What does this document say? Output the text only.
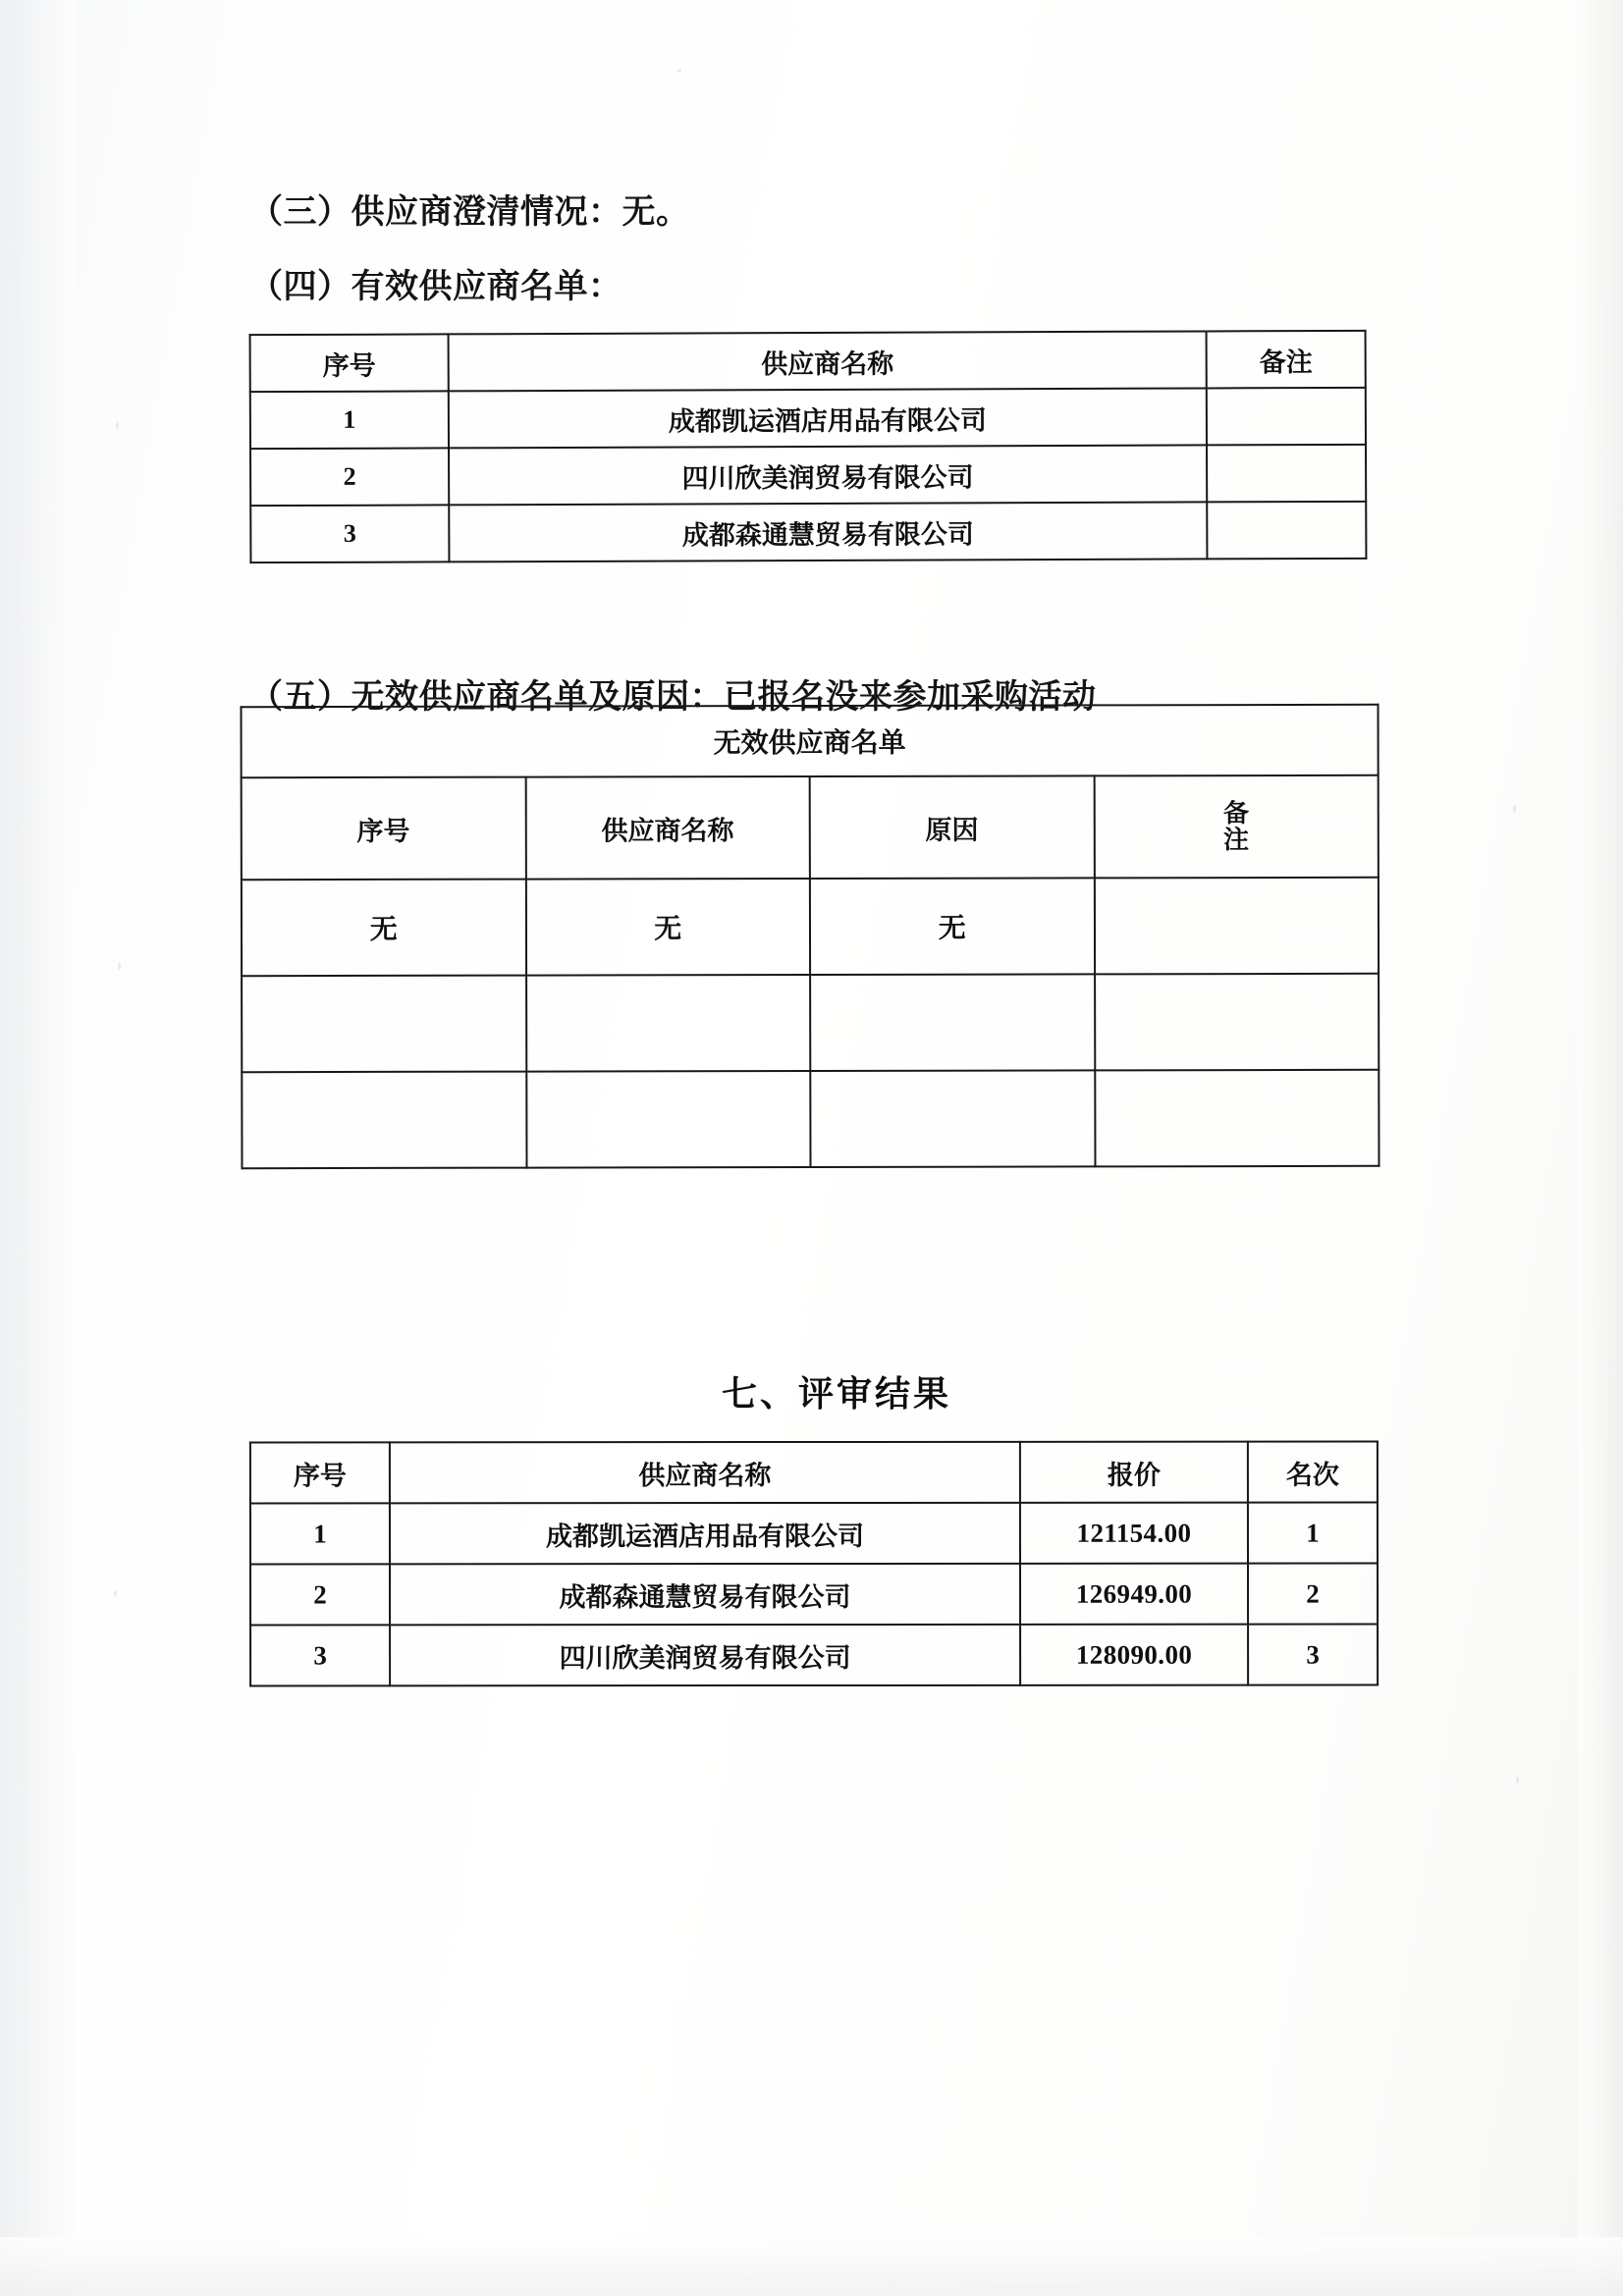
（三）供应商澄清情况：无。
（四）有效供应商名单：
序号	供应商名称	备注
1	成都凯运酒店用品有限公司	
2	四川欣美润贸易有限公司	
3	成都森通慧贸易有限公司	
（五）无效供应商名单及原因：已报名没来参加采购活动
无效供应商名单			
序号	供应商名称	原因	备
注

无	无	无	

七、评审结果
序号	供应商名称	报价	名次
1	成都凯运酒店用品有限公司	121154.00	1
2	成都森通慧贸易有限公司	126949.00	2
3	四川欣美润贸易有限公司	128090.00	3
